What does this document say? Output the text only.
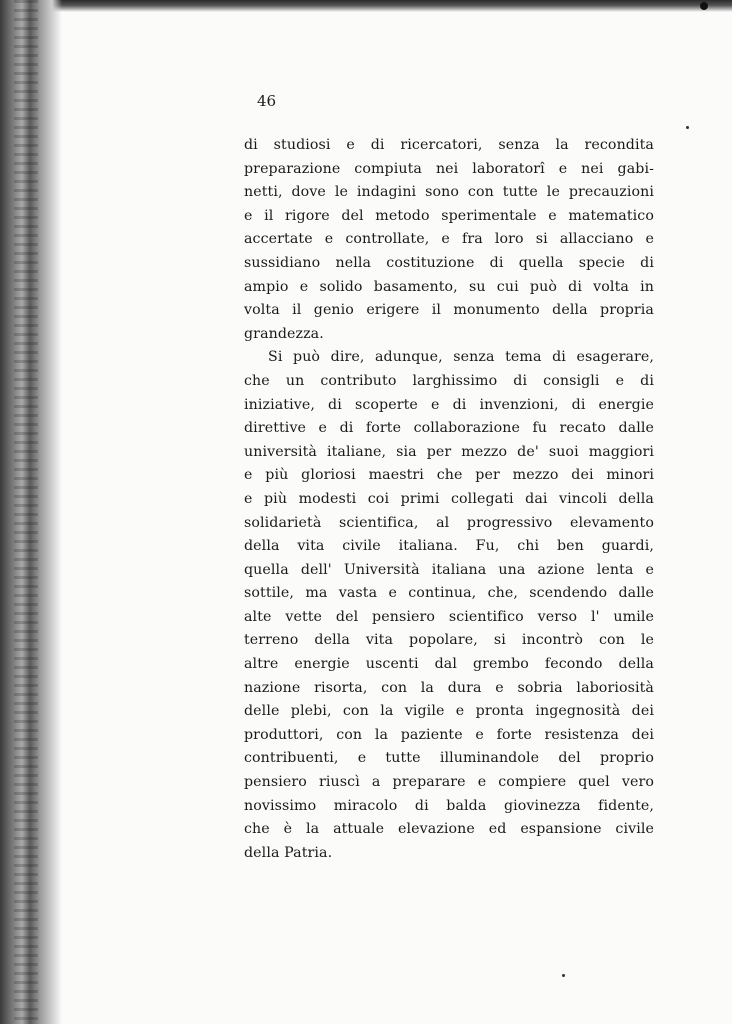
46
di studiosi e di ricercatori, senza la recondita
preparazione compiuta nei laboratorî e nei gabi-
netti, dove le indagini sono con tutte le precauzioni
e il rigore del metodo sperimentale e matematico
accertate e controllate, e fra loro si allacciano e
sussidiano nella costituzione di quella specie di
ampio e solido basamento, su cui può di volta in
volta il genio erigere il monumento della propria
grandezza.
Si può dire, adunque, senza tema di esagerare,
che un contributo larghissimo di consigli e di
iniziative, di scoperte e di invenzioni, di energie
direttive e di forte collaborazione fu recato dalle
università italiane, sia per mezzo de' suoi maggiori
e più gloriosi maestri che per mezzo dei minori
e più modesti coi primi collegati dai vincoli della
solidarietà scientifica, al progressivo elevamento
della vita civile italiana. Fu, chi ben guardi,
quella dell' Università italiana una azione lenta e
sottile, ma vasta e continua, che, scendendo dalle
alte vette del pensiero scientifico verso l' umile
terreno della vita popolare, si incontrò con le
altre energie uscenti dal grembo fecondo della
nazione risorta, con la dura e sobria laboriosità
delle plebi, con la vigile e pronta ingegnosità dei
produttori, con la paziente e forte resistenza dei
contribuenti, e tutte illuminandole del proprio
pensiero riuscì a preparare e compiere quel vero
novissimo miracolo di balda giovinezza fidente,
che è la attuale elevazione ed espansione civile
della Patria.
